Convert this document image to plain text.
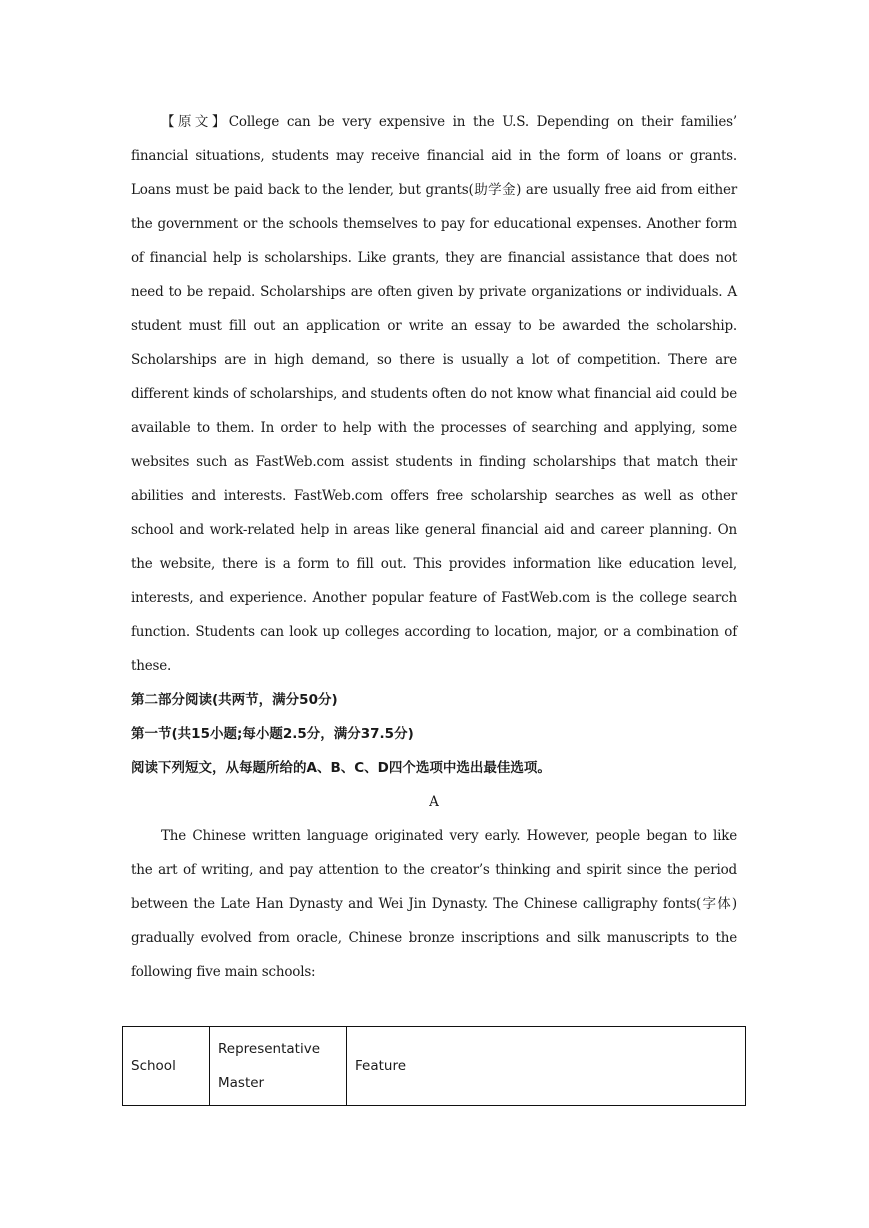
【原文】College can be very expensive in the U.S. Depending on their families’ financial situations, students may receive financial aid in the form of loans or grants. Loans must be paid back to the lender, but grants(助学金) are usually free aid from either the government or the schools themselves to pay for educational expenses. Another form of financial help is scholarships. Like grants, they are financial assistance that does not need to be repaid. Scholarships are often given by private organizations or individuals. A student must fill out an application or write an essay to be awarded the scholarship. Scholarships are in high demand, so there is usually a lot of competition. There are different kinds of scholarships, and students often do not know what financial aid could be available to them. In order to help with the processes of searching and applying, some websites such as FastWeb.com assist students in finding scholarships that match their abilities and interests. FastWeb.com offers free scholarship searches as well as other school and work-related help in areas like general financial aid and career planning. On the website, there is a form to fill out. This provides information like education level, interests, and experience. Another popular feature of FastWeb.com is the college search function. Students can look up colleges according to location, major, or a combination of these.

第二部分阅读(共两节，满分50分)

第一节(共15小题;每小题2.5分，满分37.5分)

阅读下列短文，从每题所给的A、B、C、D四个选项中选出最佳选项。

A

The Chinese written language originated very early. However, people began to like the art of writing, and pay attention to the creator’s thinking and spirit since the period between the Late Han Dynasty and Wei Jin Dynasty. The Chinese calligraphy fonts(字体) gradually evolved from oracle, Chinese bronze inscriptions and silk manuscripts to the following five main schools:

School	Representative Master	Feature
